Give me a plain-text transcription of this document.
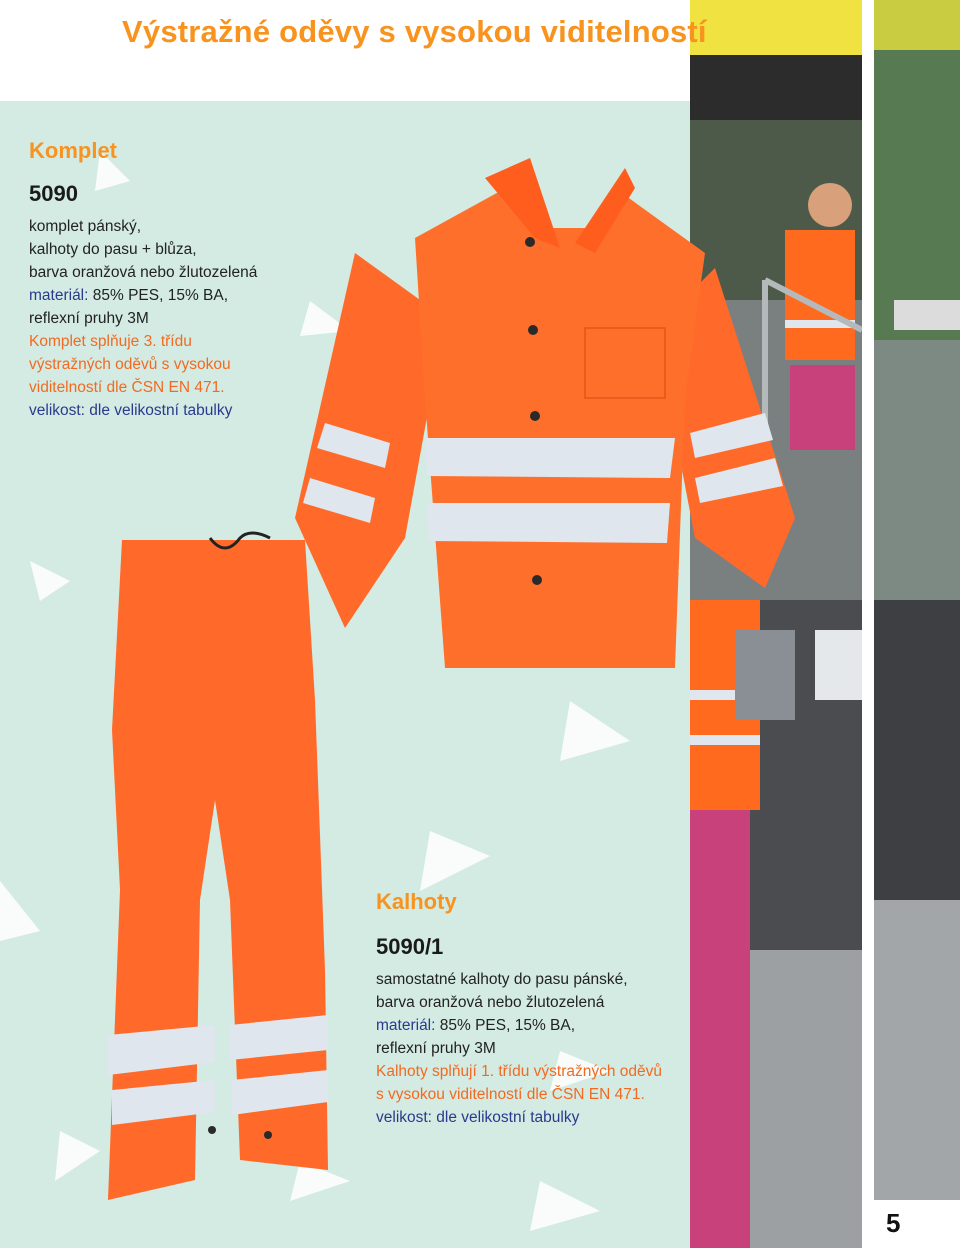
Výstražné oděvy s vysokou viditelností
Komplet
5090
komplet pánský,
kalhoty do pasu + blůza,
barva oranžová nebo žlutozelená
materiál: 85% PES, 15% BA,
reflexní pruhy 3M
Komplet splňuje 3. třídu
výstražných oděvů s vysokou
viditelností dle ČSN EN 471.
velikost: dle velikostní tabulky
Kalhoty
5090/1
samostatné kalhoty do pasu pánské,
barva oranžová nebo žlutozelená
materiál: 85% PES, 15% BA,
reflexní pruhy 3M
Kalhoty splňují 1. třídu výstražných oděvů
s vysokou viditelností dle ČSN EN 471.
velikost: dle velikostní tabulky
5
